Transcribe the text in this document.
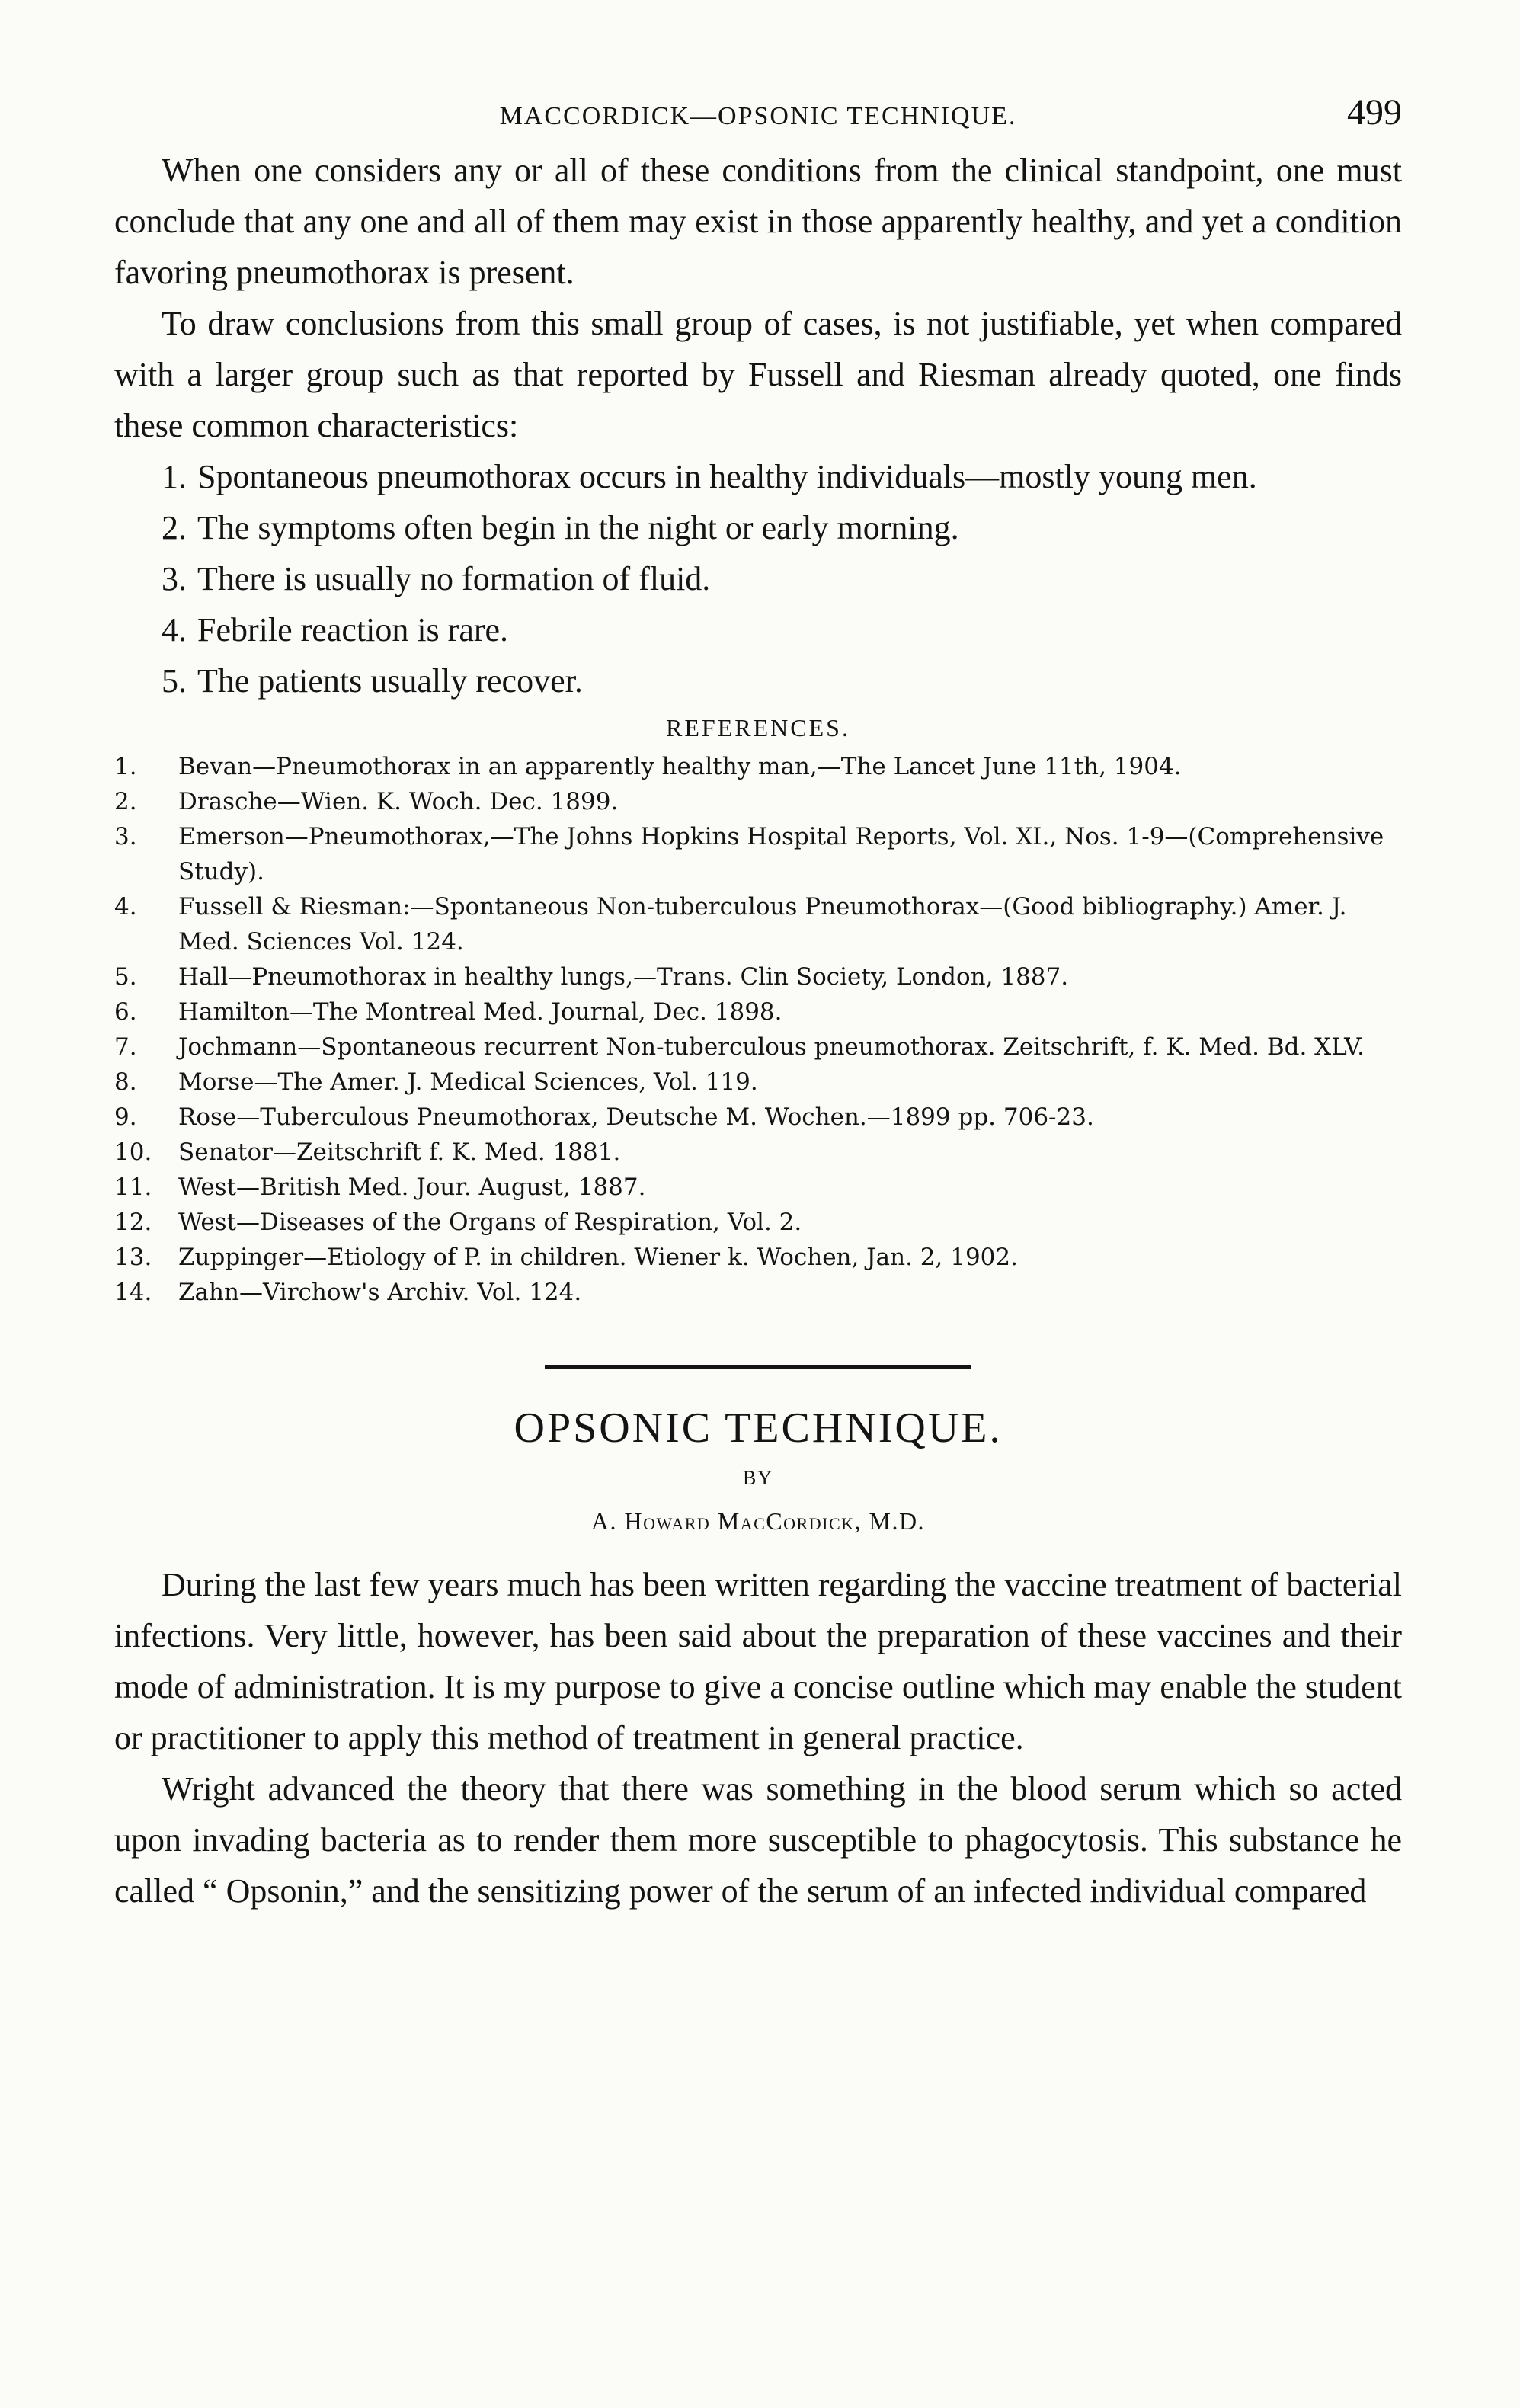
MACCORDICK—OPSONIC TECHNIQUE.	499

When one considers any or all of these conditions from the clinical standpoint, one must conclude that any one and all of them may exist in those apparently healthy, and yet a condition favoring pneumothorax is present.

To draw conclusions from this small group of cases, is not justifiable, yet when compared with a larger group such as that reported by Fussell and Riesman already quoted, one finds these common characteristics:

1. Spontaneous pneumothorax occurs in healthy individuals—mostly young men.
2. The symptoms often begin in the night or early morning.
3. There is usually no formation of fluid.
4. Febrile reaction is rare.
5. The patients usually recover.
REFERENCES.
1.	Bevan—Pneumothorax in an apparently healthy man,—The Lancet June 11th, 1904.
2.	Drasche—Wien. K. Woch. Dec. 1899.
3.	Emerson—Pneumothorax,—The Johns Hopkins Hospital Reports, Vol. XI., Nos. 1-9—(Comprehensive Study).
4.	Fussell & Riesman:—Spontaneous Non-tuberculous Pneumothorax—(Good bibliography.) Amer. J. Med. Sciences Vol. 124.
5.	Hall—Pneumothorax in healthy lungs,—Trans. Clin Society, London, 1887.
6.	Hamilton—The Montreal Med. Journal, Dec. 1898.
7.	Jochmann—Spontaneous recurrent Non-tuberculous pneumothorax. Zeitschrift, f. K. Med. Bd. XLV.
8.	Morse—The Amer. J. Medical Sciences, Vol. 119.
9.	Rose—Tuberculous Pneumothorax, Deutsche M. Wochen.—1899 pp. 706-23.
10.	Senator—Zeitschrift f. K. Med. 1881.
11.	West—British Med. Jour. August, 1887.
12.	West—Diseases of the Organs of Respiration, Vol. 2.
13.	Zuppinger—Etiology of P. in children. Wiener k. Wochen, Jan. 2, 1902.
14.	Zahn—Virchow's Archiv. Vol. 124.
OPSONIC TECHNIQUE.
BY
A. Howard MacCordick, M.D.

During the last few years much has been written regarding the vaccine treatment of bacterial infections. Very little, however, has been said about the preparation of these vaccines and their mode of administration. It is my purpose to give a concise outline which may enable the student or practitioner to apply this method of treatment in general practice.

Wright advanced the theory that there was something in the blood serum which so acted upon invading bacteria as to render them more susceptible to phagocytosis. This substance he called “ Opsonin,” and the sensitizing power of the serum of an infected individual compared
